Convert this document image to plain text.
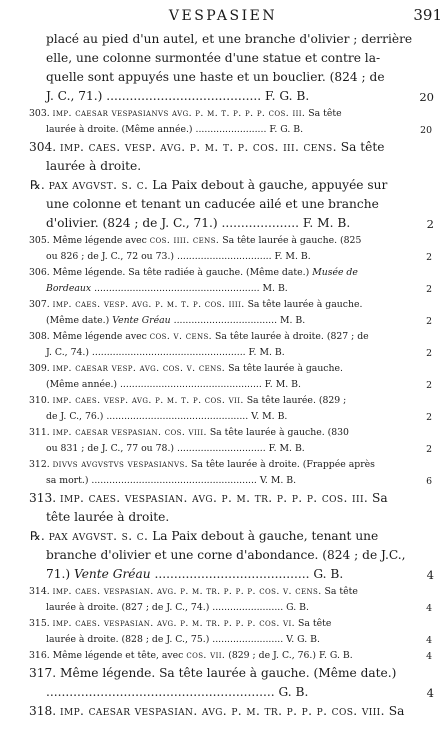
VESPASIEN	391
placé au pied d'un autel, et une branche d'olivier ; derrière
elle, une colonne surmontée d'une statue et contre la-
quelle sont appuyés une haste et un bouclier. (824 ; de
J. C., 71.) ........................................ F. G. B.	20
303. imp. caesar vespasianvs avg. p. m. t. p. p. p. cos. iii. Sa tête
laurée à droite. (Même année.) ........................ F. G. B.	20
304. imp. caes. vesp. avg. p. m. t. p. cos. iii. cens. Sa tête
laurée à droite.
℞. pax avgvst. s. c. La Paix debout à gauche, appuyée sur
une colonne et tenant un caducée ailé et une branche
d'olivier. (824 ; de J. C., 71.) .................... F. M. B.	2
305. Même légende avec cos. iiii. cens. Sa tête laurée à gauche. (825
ou 826 ; de J. C., 72 ou 73.) ................................ F. M. B.	2
306. Même légende. Sa tête radiée à gauche. (Même date.) Musée de
Bordeaux ........................................................ M. B.	2
307. imp. caes. vesp. avg. p. m. t. p. cos. iiii. Sa tête laurée à gauche.
(Même date.) Vente Gréau ................................... M. B.	2
308. Même légende avec cos. v. cens. Sa tête laurée à droite. (827 ; de
J. C., 74.) .................................................... F. M. B.	2
309. imp. caesar vesp. avg. cos. v. cens. Sa tête laurée à gauche.
(Même année.) ................................................ F. M. B.	2
310. imp. caes. vesp. avg. p. m. t. p. cos. vii. Sa tête laurée. (829 ;
de J. C., 76.) ................................................ V. M. B.	2
311. imp. caesar vespasian. cos. viii. Sa tête laurée à gauche. (830
ou 831 ; de J. C., 77 ou 78.) .............................. F. M. B.	2
312. divvs avgvstvs vespasianvs. Sa tête laurée à droite. (Frappée après
sa mort.) ........................................................ V. M. B.	6
313. imp. caes. vespasian. avg. p. m. tr. p. p. p. cos. iii. Sa
tête laurée à droite.
℞. pax avgvst. s. c. La Paix debout à gauche, tenant une
branche d'olivier et une corne d'abondance. (824 ; de J.C.,
71.) Vente Gréau ........................................ G. B.	4
314. imp. caes. vespasian. avg. p. m. tr. p. p. p. cos. v. cens. Sa tête
laurée à droite. (827 ; de J. C., 74.) ........................ G. B.	4
315. imp. caes. vespasian. avg. p. m. tr. p. p. p. cos. vi. Sa tête
laurée à droite. (828 ; de J. C., 75.) ........................ V. G. B.	4
316. Même légende et tête, avec cos. vii. (829 ; de J. C., 76.) F. G. B.	4
317. Même légende. Sa tête laurée à gauche. (Même date.)
........................................................... G. B.	4
318. imp. caesar vespasian. avg. p. m. tr. p. p. p. cos. viii. Sa
